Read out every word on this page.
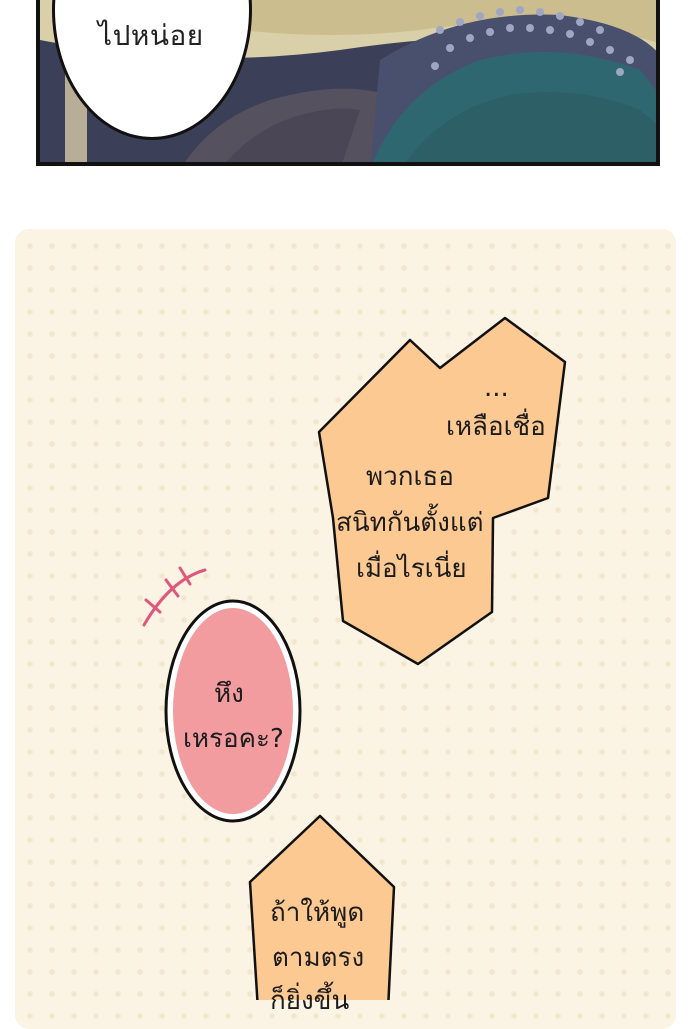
ไปหน่อย
...
เหลือเชื่อ
พวกเธอ
สนิทกันตั้งแต่
เมื่อไรเนี่ย
หึง
เหรอคะ?
ถ้าให้พูด
ตามตรง
ก็ยิ่งขึ้น
